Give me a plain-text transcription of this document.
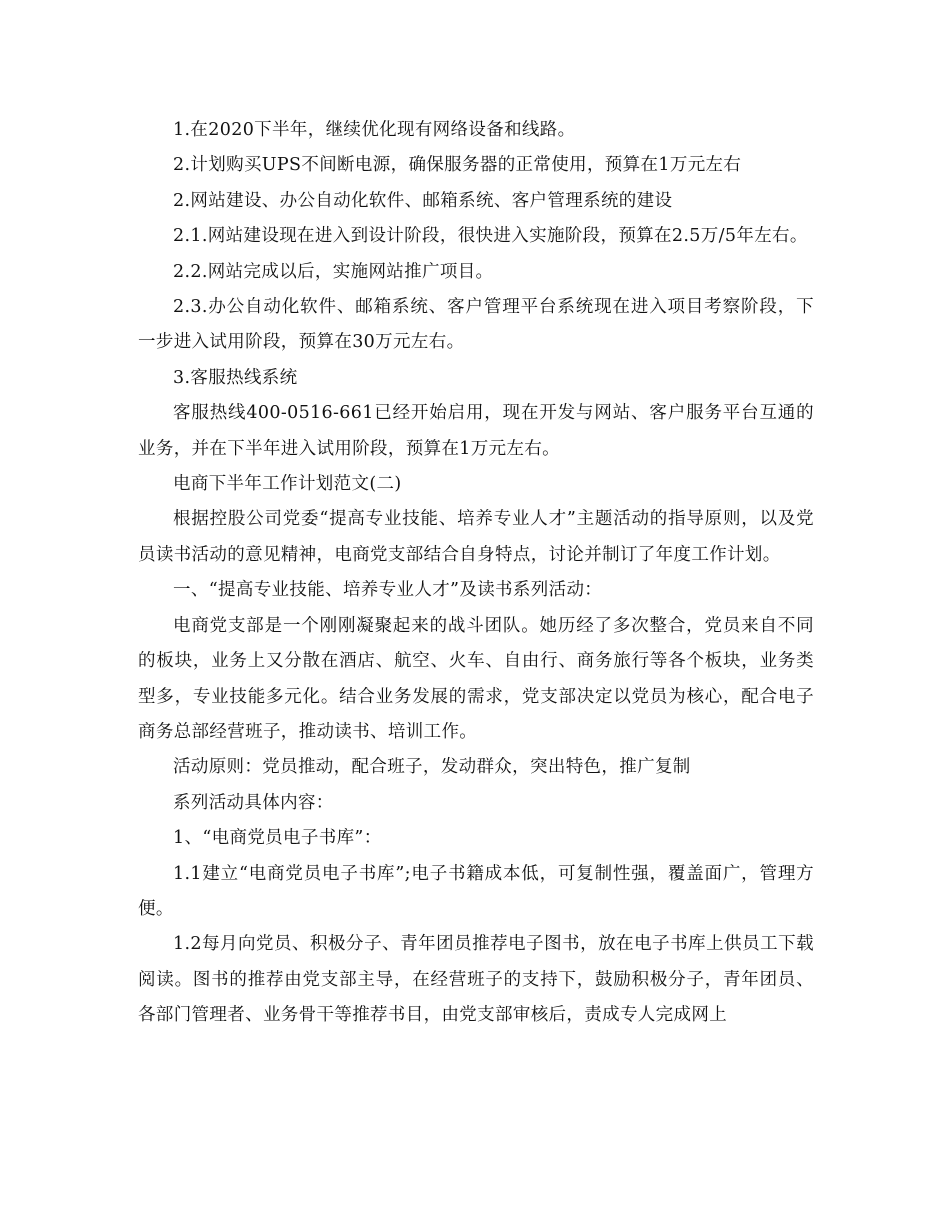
1.在2020下半年，继续优化现有网络设备和线路。

2.计划购买UPS不间断电源，确保服务器的正常使用，预算在1万元左右

2.网站建设、办公自动化软件、邮箱系统、客户管理系统的建设

2.1.网站建设现在进入到设计阶段，很快进入实施阶段，预算在2.5万/5年左右。

2.2.网站完成以后，实施网站推广项目。

2.3.办公自动化软件、邮箱系统、客户管理平台系统现在进入项目考察阶段，下一步进入试用阶段，预算在30万元左右。

3.客服热线系统

客服热线400-0516-661已经开始启用，现在开发与网站、客户服务平台互通的业务，并在下半年进入试用阶段，预算在1万元左右。

电商下半年工作计划范文(二)

根据控股公司党委“提高专业技能、培养专业人才”主题活动的指导原则，以及党员读书活动的意见精神，电商党支部结合自身特点，讨论并制订了年度工作计划。

一、“提高专业技能、培养专业人才”及读书系列活动：

电商党支部是一个刚刚凝聚起来的战斗团队。她历经了多次整合，党员来自不同的板块，业务上又分散在酒店、航空、火车、自由行、商务旅行等各个板块，业务类型多，专业技能多元化。结合业务发展的需求，党支部决定以党员为核心，配合电子商务总部经营班子，推动读书、培训工作。

活动原则：党员推动，配合班子，发动群众，突出特色，推广复制

系列活动具体内容：

1、“电商党员电子书库”：

1.1建立“电商党员电子书库”;电子书籍成本低，可复制性强，覆盖面广，管理方便。

1.2每月向党员、积极分子、青年团员推荐电子图书，放在电子书库上供员工下载阅读。图书的推荐由党支部主导，在经营班子的支持下，鼓励积极分子，青年团员、各部门管理者、业务骨干等推荐书目，由党支部审核后，责成专人完成网上
